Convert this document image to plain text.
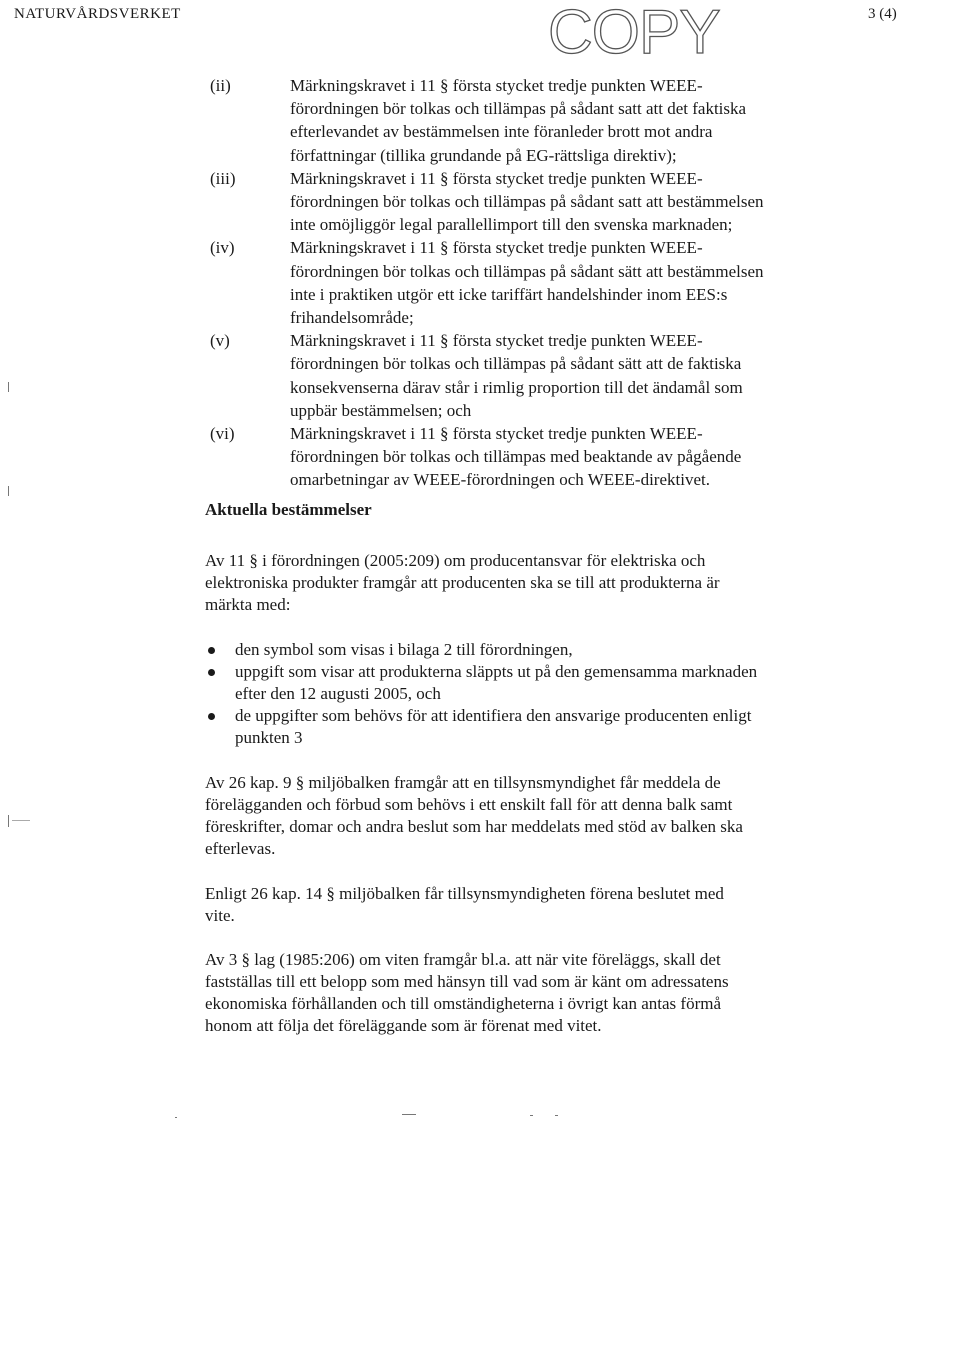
NATURVÅRDSVERKET	COPY	3 (4)
(ii)	Märkningskravet i 11 § första stycket tredje punkten WEEE-
förordningen bör tolkas och tillämpas på sådant satt att det faktiska
efterlevandet av bestämmelsen inte föranleder brott mot andra
författningar (tillika grundande på EG-rättsliga direktiv);
(iii)	Märkningskravet i 11 § första stycket tredje punkten WEEE-
förordningen bör tolkas och tillämpas på sådant satt att bestämmelsen
inte omöjliggör legal parallellimport till den svenska marknaden;
(iv)	Märkningskravet i 11 § första stycket tredje punkten WEEE-
förordningen bör tolkas och tillämpas på sådant sätt att bestämmelsen
inte i praktiken utgör ett icke tariffärt handelshinder inom EES:s
frihandelsområde;
(v)	Märkningskravet i 11 § första stycket tredje punkten WEEE-
förordningen bör tolkas och tillämpas på sådant sätt att de faktiska
konsekvenserna därav står i rimlig proportion till det ändamål som
uppbär bestämmelsen; och
(vi)	Märkningskravet i 11 § första stycket tredje punkten WEEE-
förordningen bör tolkas och tillämpas med beaktande av pågående
omarbetningar av WEEE-förordningen och WEEE-direktivet.
Aktuella bestämmelser
Av 11 § i förordningen (2005:209) om producentansvar för elektriska och
elektroniska produkter framgår att producenten ska se till att produkterna är
märkta med:
den symbol som visas i bilaga 2 till förordningen,
uppgift som visar att produkterna släppts ut på den gemensamma marknaden
efter den 12 augusti 2005, och
de uppgifter som behövs för att identifiera den ansvarige producenten enligt
punkten 3
Av 26 kap. 9 § miljöbalken framgår att en tillsynsmyndighet får meddela de
förelägganden och förbud som behövs i ett enskilt fall för att denna balk samt
föreskrifter, domar och andra beslut som har meddelats med stöd av balken ska
efterlevas.
Enligt 26 kap. 14 § miljöbalken får tillsynsmyndigheten förena beslutet med
vite.
Av 3 § lag (1985:206) om viten framgår bl.a. att när vite föreläggs, skall det
fastställas till ett belopp som med hänsyn till vad som är känt om adressatens
ekonomiska förhållanden och till omständigheterna i övrigt kan antas förmå
honom att följa det föreläggande som är förenat med vitet.
